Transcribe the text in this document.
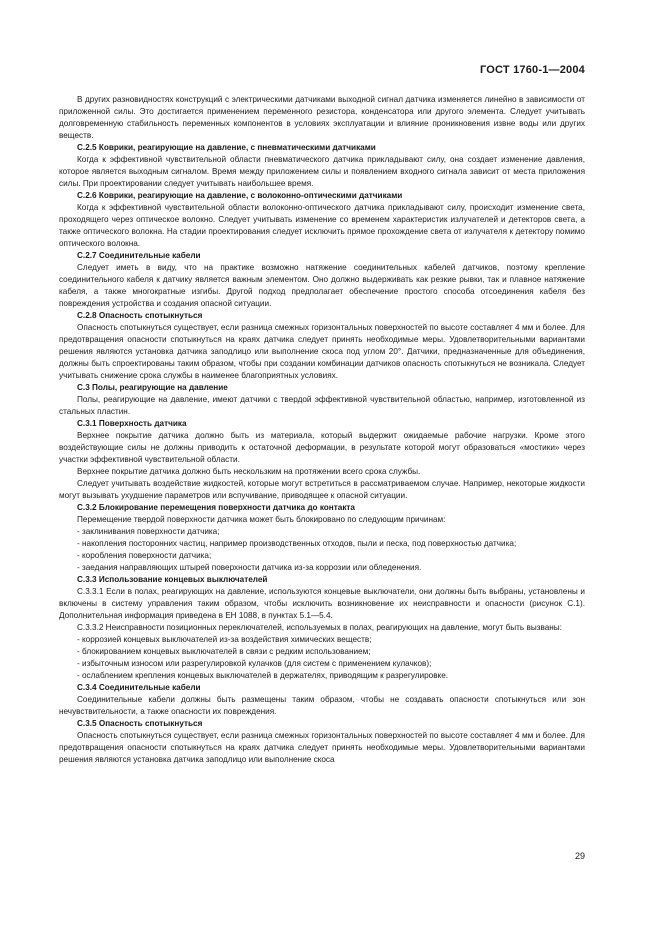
ГОСТ 1760-1—2004
В других разновидностях конструкций с электрическими датчиками выходной сигнал датчика изменяется линейно в зависимости от приложенной силы. Это достигается применением переменного резистора, конденсатора или другого элемента. Следует учитывать долговременную стабильность переменных компонентов в условиях эксплуатации и влияние проникновения извне воды или других веществ.
С.2.5 Коврики, реагирующие на давление, с пневматическими датчиками
Когда к эффективной чувствительной области пневматического датчика прикладывают силу, она создает изменение давления, которое является выходным сигналом. Время между приложением силы и появлением входного сигнала зависит от места приложения силы. При проектировании следует учитывать наибольшее время.
С.2.6 Коврики, реагирующие на давление, с волоконно-оптическими датчиками
Когда к эффективной чувствительной области волоконно-оптического датчика прикладывают силу, происходит изменение света, проходящего через оптическое волокно. Следует учитывать изменение со временем характеристик излучателей и детекторов света, а также оптического волокна. На стадии проектирования следует исключить прямое прохождение света от излучателя к детектору помимо оптического волокна.
С.2.7 Соединительные кабели
Следует иметь в виду, что на практике возможно натяжение соединительных кабелей датчиков, поэтому крепление соединительного кабеля к датчику является важным элементом. Оно должно выдерживать как резкие рывки, так и плавное натяжение кабеля, а также многократные изгибы. Другой подход предполагает обеспечение простого способа отсоединения кабеля без повреждения устройства и создания опасной ситуации.
С.2.8 Опасность спотыкнуться
Опасность спотыкнуться существует, если разница смежных горизонтальных поверхностей по высоте составляет 4 мм и более. Для предотвращения опасности спотыкнуться на краях датчика следует принять необходимые меры. Удовлетворительными вариантами решения являются установка датчика заподлицо или выполнение скоса под углом 20°. Датчики, предназначенные для объединения, должны быть спроектированы таким образом, чтобы при создании комбинации датчиков опасность спотыкнуться не возникала. Следует учитывать снижение срока службы в наименее благоприятных условиях.
С.3 Полы, реагирующие на давление
Полы, реагирующие на давление, имеют датчики с твердой эффективной чувствительной областью, например, изготовленной из стальных пластин.
С.3.1 Поверхность датчика
Верхнее покрытие датчика должно быть из материала, который выдержит ожидаемые рабочие нагрузки. Кроме этого воздействующие силы не должны приводить к остаточной деформации, в результате которой могут образоваться «мостики» через участки эффективной чувствительной области.
Верхнее покрытие датчика должно быть нескользким на протяжении всего срока службы.
Следует учитывать воздействие жидкостей, которые могут встретиться в рассматриваемом случае. Например, некоторые жидкости могут вызывать ухудшение параметров или вспучивание, приводящее к опасной ситуации.
С.3.2 Блокирование перемещения поверхности датчика до контакта
Перемещение твердой поверхности датчика может быть блокировано по следующим причинам:
- заклинивания поверхности датчика;
- накопления посторонних частиц, например производственных отходов, пыли и песка, под поверхностью датчика;
- коробления поверхности датчика;
- заедания направляющих штырей поверхности датчика из-за коррозии или обледенения.
С.3.3 Использование концевых выключателей
С.3.3.1 Если в полах, реагирующих на давление, используются концевые выключатели, они должны быть выбраны, установлены и включены в систему управления таким образом, чтобы исключить возникновение их неисправности и опасности (рисунок С.1). Дополнительная информация приведена в ЕН 1088, в пунктах 5.1—5.4.
С.3.3.2 Неисправности позиционных переключателей, используемых в полах, реагирующих на давление, могут быть вызваны:
- коррозией концевых выключателей из-за воздействия химических веществ;
- блокированием концевых выключателей в связи с редким использованием;
- избыточным износом или разрегулировкой кулачков (для систем с применением кулачков);
- ослаблением крепления концевых выключателей в держателях, приводящим к разрегулировке.
С.3.4 Соединительные кабели
Соединительные кабели должны быть размещены таким образом, чтобы не создавать опасности спотыкнуться или зон нечувствительности, а также опасности их повреждения.
С.3.5 Опасность спотыкнуться
Опасность спотыкнуться существует, если разница смежных горизонтальных поверхностей по высоте составляет 4 мм и более. Для предотвращения опасности спотыкнуться на краях датчика следует принять необходимые меры. Удовлетворительными вариантами решения являются установка датчика заподлицо или выполнение скоса
29
